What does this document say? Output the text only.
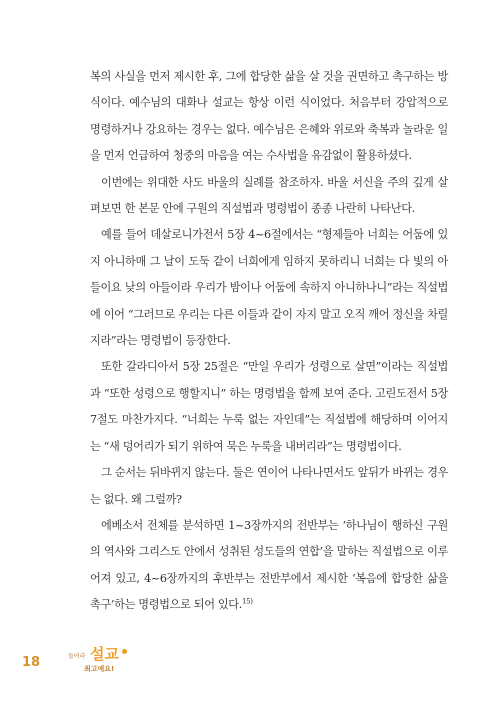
복의 사실을 먼저 제시한 후, 그에 합당한 삶을 살 것을 권면하고 촉구하는 방식이다. 예수님의 대화나 설교는 항상 이런 식이었다. 처음부터 강압적으로 명령하거나 강요하는 경우는 없다. 예수님은 은혜와 위로와 축복과 놀라운 일을 먼저 언급하여 청중의 마음을 여는 수사법을 유감없이 활용하셨다.

이번에는 위대한 사도 바울의 실례를 참조하자. 바울 서신을 주의 깊게 살펴보면 한 본문 안에 구원의 직설법과 명령법이 종종 나란히 나타난다.

예를 들어 데살로니가전서 5장 4~6절에서는 “형제들아 너희는 어둠에 있지 아니하매 그 날이 도둑 같이 너희에게 임하지 못하리니 너희는 다 빛의 아들이요 낮의 아들이라 우리가 밤이나 어둠에 속하지 아니하나니”라는 직설법에 이어 “그러므로 우리는 다른 이들과 같이 자지 말고 오직 깨어 정신을 차릴지라”라는 명령법이 등장한다.

또한 갈라디아서 5장 25절은 “만일 우리가 성령으로 살면”이라는 직설법과 “또한 성령으로 행할지니” 하는 명령법을 함께 보여 준다. 고린도전서 5장 7절도 마찬가지다. “너희는 누룩 없는 자인데”는 직설법에 해당하며 이어지는 “새 덩어리가 되기 위하여 묵은 누룩을 내버리라”는 명령법이다.

그 순서는 뒤바뀌지 않는다. 둘은 연이어 나타나면서도 앞뒤가 바뀌는 경우는 없다. 왜 그럴까?

에베소서 전체를 분석하면 1~3장까지의 전반부는 ‘하나님이 행하신 구원의 역사와 그리스도 안에서 성취된 성도들의 연합’을 말하는 직설법으로 이루어져 있고, 4~6장까지의 후반부는 전반부에서 제시한 ‘복음에 합당한 삶을 촉구’하는 명령법으로 되어 있다.$^{15)}$

18	들어라 설교
최고예요!
